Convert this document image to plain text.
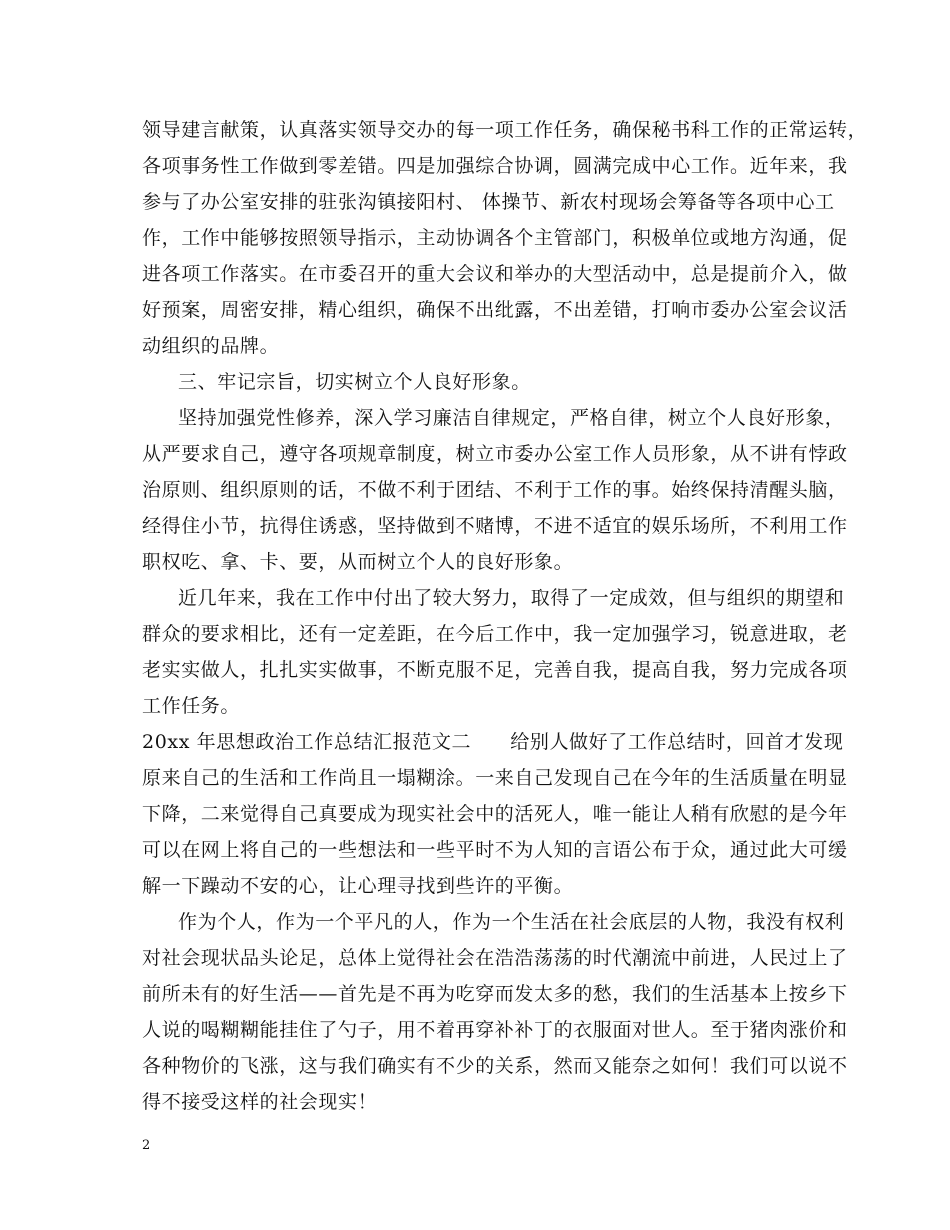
领导建言献策，认真落实领导交办的每一项工作任务，确保秘书科工作的正常运转，
各项事务性工作做到零差错。四是加强综合协调，圆满完成中心工作。近年来，我
参与了办公室安排的驻张沟镇接阳村、 体操节、新农村现场会筹备等各项中心工
作，工作中能够按照领导指示，主动协调各个主管部门，积极单位或地方沟通，促
进各项工作落实。在市委召开的重大会议和举办的大型活动中，总是提前介入，做
好预案，周密安排，精心组织，确保不出纰露，不出差错，打响市委办公室会议活
动组织的品牌。
三、牢记宗旨，切实树立个人良好形象。
坚持加强党性修养，深入学习廉洁自律规定，严格自律，树立个人良好形象，
从严要求自己，遵守各项规章制度，树立市委办公室工作人员形象，从不讲有悖政
治原则、组织原则的话，不做不利于团结、不利于工作的事。始终保持清醒头脑，
经得住小节，抗得住诱惑，坚持做到不赌博，不进不适宜的娱乐场所，不利用工作
职权吃、拿、卡、要，从而树立个人的良好形象。
近几年来，我在工作中付出了较大努力，取得了一定成效，但与组织的期望和
群众的要求相比，还有一定差距，在今后工作中，我一定加强学习，锐意进取，老
老实实做人，扎扎实实做事，不断克服不足，完善自我，提高自我，努力完成各项
工作任务。
20xx 年思想政治工作总结汇报范文二　　给别人做好了工作总结时，回首才发现
原来自己的生活和工作尚且一塌糊涂。一来自己发现自己在今年的生活质量在明显
下降，二来觉得自己真要成为现实社会中的活死人，唯一能让人稍有欣慰的是今年
可以在网上将自己的一些想法和一些平时不为人知的言语公布于众，通过此大可缓
解一下躁动不安的心，让心理寻找到些许的平衡。
作为个人，作为一个平凡的人，作为一个生活在社会底层的人物，我没有权利
对社会现状品头论足，总体上觉得社会在浩浩荡荡的时代潮流中前进，人民过上了
前所未有的好生活——首先是不再为吃穿而发太多的愁，我们的生活基本上按乡下
人说的喝糊糊能挂住了勺子，用不着再穿补补丁的衣服面对世人。至于猪肉涨价和
各种物价的飞涨，这与我们确实有不少的关系，然而又能奈之如何！我们可以说不
得不接受这样的社会现实！
2
